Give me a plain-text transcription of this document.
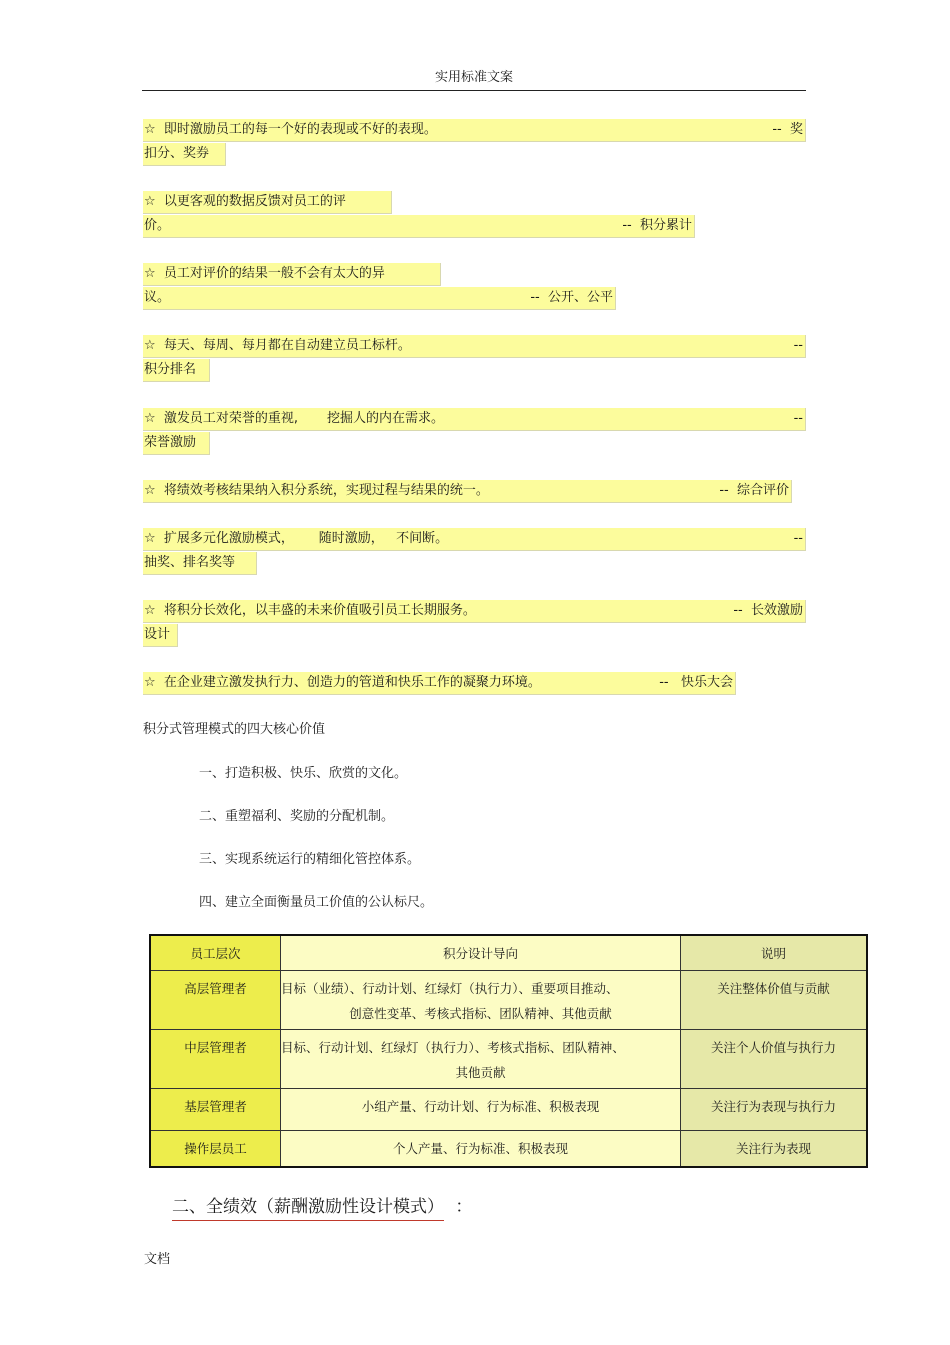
实用标准文案

☆  即时激励员工的每一个好的表现或不好的表现。

	--  奖

扣分、奖券

☆  以更客观的数据反馈对员工的评

价。

	--  积分累计

☆  员工对评价的结果一般不会有太大的异

议。

	--  公开、公平

☆  每天、每周、每月都在自动建立员工标杆。

	--

积分排名

☆  激发员工对荣誉的重视,       挖掘人的内在需求。

	--

荣誉激励

☆  将绩效考核结果纳入积分系统，实现过程与结果的统一。

	--  综合评价

☆  扩展多元化激励模式，      随时激励，   不间断。

	--

抽奖、排名奖等

☆  将积分长效化，以丰盛的未来价值吸引员工长期服务。

	--  长效激励

设计

☆  在企业建立激发执行力、创造力的管道和快乐工作的凝聚力环境。

	--   快乐大会

积分式管理模式的四大核心价值
一、打造积极、快乐、欣赏的文化。
二、重塑福利、奖励的分配机制。
三、实现系统运行的精细化管控体系。
四、建立全面衡量员工价值的公认标尺。
员工层次	积分设计导向	说明
高层管理者	目标（业绩）、行动计划、红绿灯（执行力）、重要项目推动、
创意性变革、考核式指标、团队精神、其他贡献	关注整体价值与贡献
中层管理者	目标、行动计划、红绿灯（执行力）、考核式指标、团队精神、
其他贡献	关注个人价值与执行力
基层管理者	小组产量、行动计划、行为标准、积极表现	关注行为表现与执行力
操作层员工	个人产量、行为标准、积极表现	关注行为表现
二、全绩效（薪酬激励性设计模式） ：
文档
